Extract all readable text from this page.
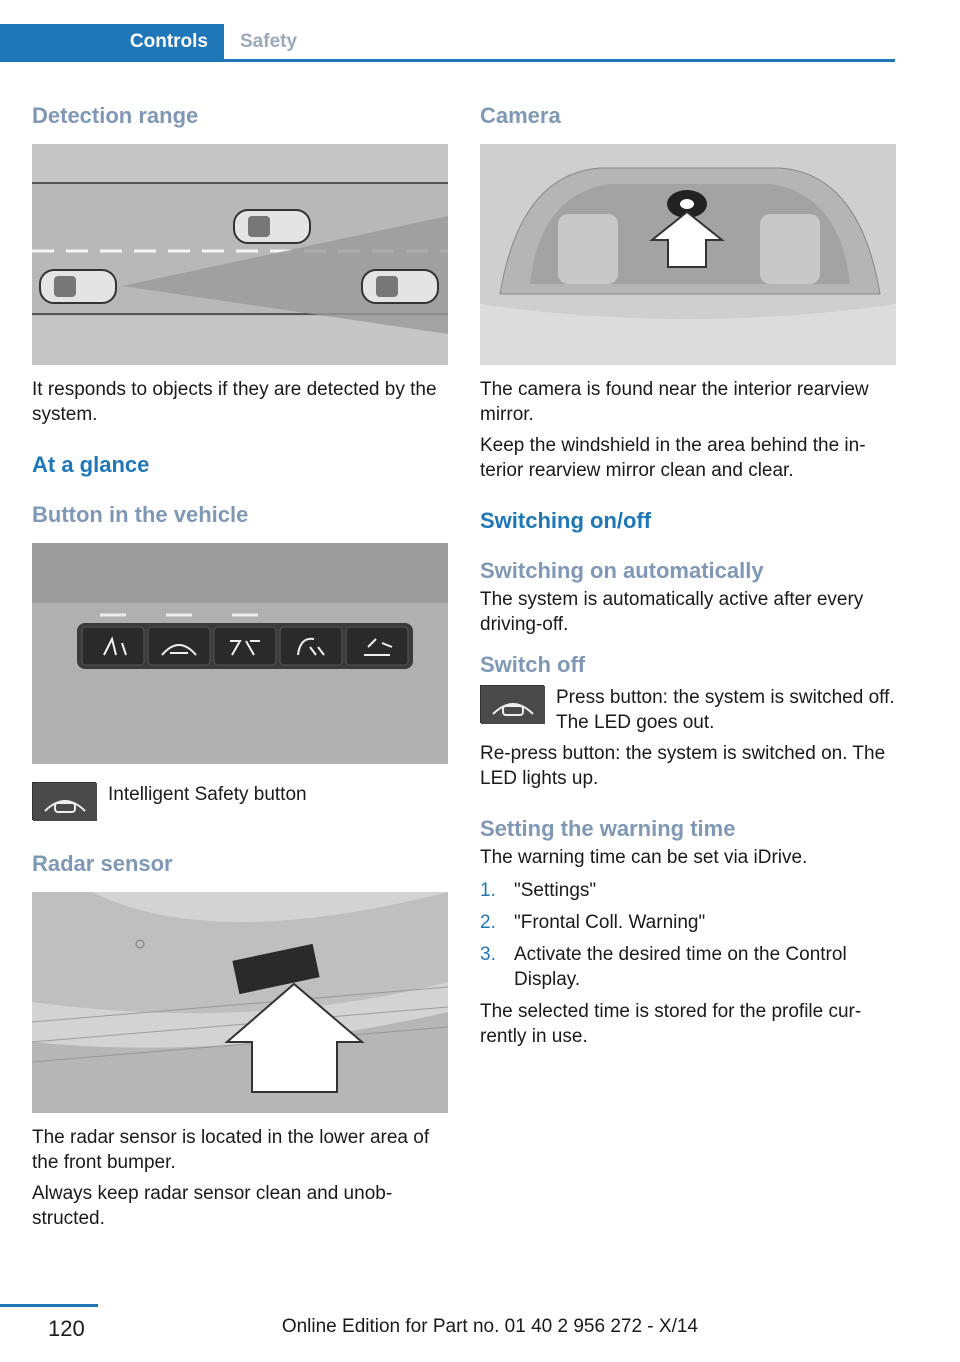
Controls	Safety
Detection range

It responds to objects if they are detected by the system.

At a glance
Button in the vehicle
Intelligent Safety button
Radar sensor

The radar sensor is located in the lower area of the front bumper.

Always keep radar sensor clean and unob‐structed.

Camera

The camera is found near the interior rearview mirror.

Keep the windshield in the area behind the in‐terior rearview mirror clean and clear.

Switching on/off
Switching on automatically

The system is automatically active after every driving-off.

Switch off
Press button: the system is switched off. The LED goes out.

Re-press button: the system is switched on. The LED lights up.

Setting the warning time

The warning time can be set via iDrive.

1. "Settings"
2. "Frontal Coll. Warning"
3. Activate the desired time on the Control Display.

The selected time is stored for the profile cur‐rently in use.

120	Online Edition for Part no. 01 40 2 956 272 - X/14
